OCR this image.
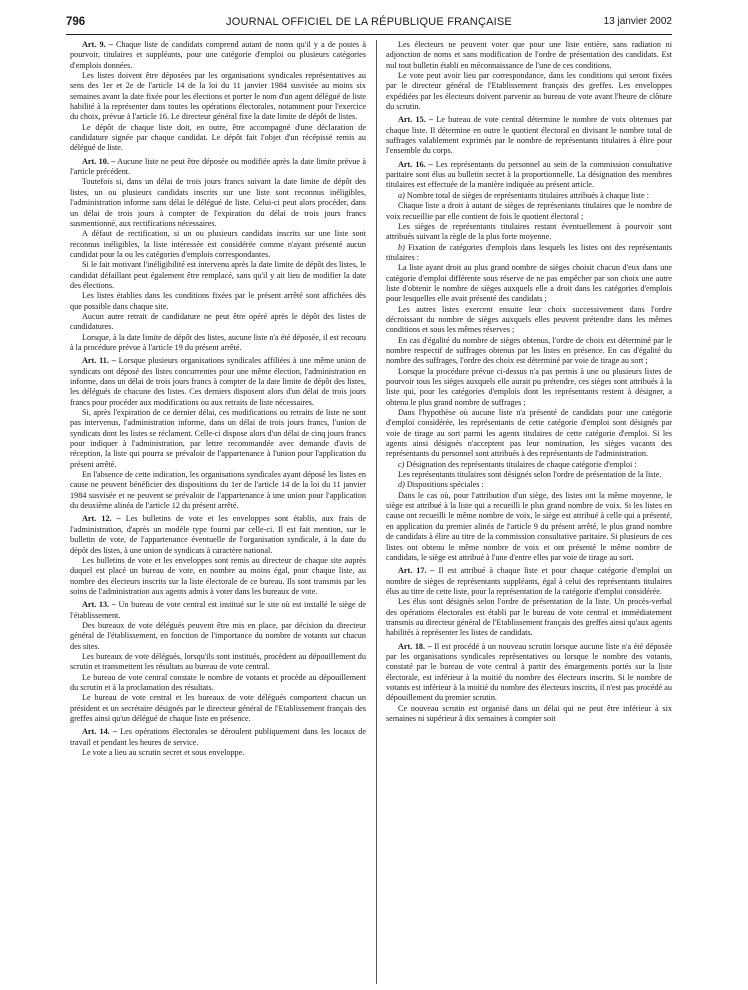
796	JOURNAL OFFICIEL DE LA RÉPUBLIQUE FRANÇAISE	13 janvier 2002

Art. 9. – Chaque liste de candidats comprend autant de noms qu'il y a de postes à pourvoir, titulaires et suppléants, pour une catégorie d'emploi ou plusieurs catégories d'emplois données.

Les listes doivent être déposées par les organisations syndicales représentatives au sens des 1er et 2e de l'article 14 de la loi du 11 janvier 1984 susvisée au moins six semaines avant la date fixée pour les élections et porter le nom d'un agent délégué de liste habilité à la représenter dans toutes les opérations électorales, notamment pour l'exercice du choix, prévue à l'article 16. Le directeur général fixe la date limite de dépôt de listes.

Le dépôt de chaque liste doit, en outre, être accompagné d'une déclaration de candidature signée par chaque candidat. Le dépôt fait l'objet d'un récépissé remis au délégué de liste.

Art. 10. – Aucune liste ne peut être déposée ou modifiée après la date limite prévue à l'article précédent.

Toutefois si, dans un délai de trois jours francs suivant la date limite de dépôt des listes, un ou plusieurs candidats inscrits sur une liste sont reconnus inéligibles, l'administration informe sans délai le délégué de liste. Celui-ci peut alors procéder, dans un délai de trois jours à compter de l'expiration du délai de trois jours francs susmentionné, aux rectifications nécessaires.

A défaut de rectification, si un ou plusieurs candidats inscrits sur une liste sont reconnus inéligibles, la liste intéressée est considérée comme n'ayant présenté aucun candidat pour la ou les catégories d'emplois correspondantes.

Si le fait motivant l'inéligibilité est intervenu après la date limite de dépôt des listes, le candidat défaillant peut également être remplacé, sans qu'il y ait lieu de modifier la date des élections.

Les listes établies dans les conditions fixées par le présent arrêté sont affichées dès que possible dans chaque site.

Aucun autre retrait de candidature ne peut être opéré après le dépôt des listes de candidatures.

Lorsque, à la date limite de dépôt des listes, aucune liste n'a été déposée, il est recouru à la procédure prévue à l'article 19 du présent arrêté.

Art. 11. – Lorsque plusieurs organisations syndicales affiliées à une même union de syndicats ont déposé des listes concurrentes pour une même élection, l'administration en informe, dans un délai de trois jours francs à compter de la date limite de dépôt des listes, les délégués de chacune des listes. Ces derniers disposent alors d'un délai de trois jours francs pour procéder aux modifications ou aux retraits de liste nécessaires.

Si, après l'expiration de ce dernier délai, ces modifications ou retraits de liste ne sont pas intervenus, l'administration informe, dans un délai de trois jours francs, l'union de syndicats dont les listes se réclament. Celle-ci dispose alors d'un délai de cinq jours francs pour indiquer à l'administration, par lettre recommandée avec demande d'avis de réception, la liste qui pourra se prévaloir de l'appartenance à l'union pour l'application du présent arrêté.

En l'absence de cette indication, les organisations syndicales ayant déposé les listes en cause ne peuvent bénéficier des dispositions du 1er de l'article 14 de la loi du 11 janvier 1984 susvisée et ne peuvent se prévaloir de l'appartenance à une union pour l'application du deuxième alinéa de l'article 12 du présent arrêté.

Art. 12. – Les bulletins de vote et les enveloppes sont établis, aux frais de l'administration, d'après un modèle type fourni par celle-ci. Il est fait mention, sur le bulletin de vote, de l'appartenance éventuelle de l'organisation syndicale, à la date du dépôt des listes, à une union de syndicats à caractère national.

Les bulletins de vote et les enveloppes sont remis au directeur de chaque site auprès duquel est placé un bureau de vote, en nombre au moins égal, pour chaque liste, au nombre des électeurs inscrits sur la liste électorale de ce bureau. Ils sont transmis par les soins de l'administration aux agents admis à voter dans les bureaux de vote.

Art. 13. – Un bureau de vote central est institué sur le site où est installé le siège de l'établissement.

Des bureaux de vote délégués peuvent être mis en place, par décision du directeur général de l'établissement, en fonction de l'importance du nombre de votants sur chacun des sites.

Les bureaux de vote délégués, lorsqu'ils sont institués, procèdent au dépouillement du scrutin et transmettent les résultats au bureau de vote central.

Le bureau de vote central constate le nombre de votants et procède au dépouillement du scrutin et à la proclamation des résultats.

Le bureau de vote central et les bureaux de vote délégués comportent chacun un président et un secrétaire désignés par le directeur général de l'Etablissement français des greffes ainsi qu'un délégué de chaque liste en présence.

Art. 14. – Les opérations électorales se déroulent publiquement dans les locaux de travail et pendant les heures de service.

Le vote a lieu au scrutin secret et sous enveloppe.

Les électeurs ne peuvent voter que pour une liste entière, sans radiation ni adjonction de noms et sans modification de l'ordre de présentation des candidats. Est nul tout bulletin établi en méconnaissance de l'une de ces conditions.

Le vote peut avoir lieu par correspondance, dans les conditions qui seront fixées par le directeur général de l'Etablissement français des greffes. Les enveloppes expédiées par les électeurs doivent parvenir au bureau de vote avant l'heure de clôture du scrutin.

Art. 15. – Le bureau de vote central détermine le nombre de voix obtenues par chaque liste. Il détermine en outre le quotient électoral en divisant le nombre total de suffrages valablement exprimés par le nombre de représentants titulaires à élire pour l'ensemble du corps.

Art. 16. – Les représentants du personnel au sein de la commission consultative paritaire sont élus au bulletin secret à la proportionnelle. La désignation des membres titulaires est effectuée de la manière indiquée au présent article.

a) Nombre total de sièges de représentants titulaires attribués à chaque liste :

Chaque liste a droit à autant de sièges de représentants titulaires que le nombre de voix recueillie par elle contient de fois le quotient électoral ;

Les sièges de représentants titulaires restant éventuellement à pourvoir sont attribués suivant la règle de la plus forte moyenne.

b) Fixation de catégories d'emplois dans lesquels les listes ont des représentants titulaires :

La liste ayant droit au plus grand nombre de sièges choisit chacun d'eux dans une catégorie d'emploi différente sous réserve de ne pas empêcher par son choix une autre liste d'obtenir le nombre de sièges auxquels elle a droit dans les catégories d'emplois pour lesquelles elle avait présenté des candidats ;

Les autres listes exercent ensuite leur choix successivement dans l'ordre décroissant du nombre de sièges auxquels elles peuvent prétendre dans les mêmes conditions et sous les mêmes réserves ;

En cas d'égalité du nombre de sièges obtenus, l'ordre de choix est déterminé par le nombre respectif de suffrages obtenus par les listes en présence. En cas d'égalité du nombre des suffrages, l'ordre des choix est déterminé par voie de tirage au sort ;

Lorsque la procédure prévue ci-dessus n'a pas permis à une ou plusieurs listes de pourvoir tous les sièges auxquels elle aurait pu prétendre, ces sièges sont attribués à la liste qui, pour les catégories d'emplois dont les représentants restent à désigner, a obtenu le plus grand nombre de suffrages ;

Dans l'hypothèse où aucune liste n'a présenté de candidats pour une catégorie d'emploi considérée, les représentants de cette catégorie d'emploi sont désignés par voie de tirage au sort parmi les agents titulaires de cette catégorie d'emploi. Si les agents ainsi désignés n'acceptent pas leur nomination, les sièges vacants des représentants du personnel sont attribués à des représentants de l'administration.

c) Désignation des représentants titulaires de chaque catégorie d'emploi :

Les représentants titulaires sont désignés selon l'ordre de présentation de la liste.

d) Dispositions spéciales :

Dans le cas où, pour l'attribution d'un siège, des listes ont la même moyenne, le siège est attribué à la liste qui a recueilli le plus grand nombre de voix. Si les listes en cause ont recueilli le même nombre de voix, le siège est attribué à celle qui a présenté, en application du premier alinéa de l'article 9 du présent arrêté, le plus grand nombre de candidats à élire au titre de la commission consultative paritaire. Si plusieurs de ces listes ont obtenu le même nombre de voix et ont présenté le même nombre de candidats, le siège est attribué à l'une d'entre elles par voie de tirage au sort.

Art. 17. – Il est attribué à chaque liste et pour chaque catégorie d'emploi un nombre de sièges de représentants suppléants, égal à celui des représentants titulaires élus au titre de cette liste, pour la représentation de la catégorie d'emploi considérée.

Les élus sont désignés selon l'ordre de présentation de la liste. Un procès-verbal des opérations électorales est établi par le bureau de vote central et immédiatement transmis au directeur général de l'Etablissement français des greffes ainsi qu'aux agents habilités à représenter les listes de candidats.

Art. 18. – Il est procédé à un nouveau scrutin lorsque aucune liste n'a été déposée par les organisations syndicales représentatives ou lorsque le nombre des votants, constaté par le bureau de vote central à partir des émargements portés sur la liste électorale, est inférieur à la moitié du nombre des électeurs inscrits. Si le nombre de votants est inférieur à la moitié du nombre des électeurs inscrits, il n'est pas procédé au dépouillement du premier scrutin.

Ce nouveau scrutin est organisé dans un délai qui ne peut être inférieur à six semaines ni supérieur à dix semaines à compter soit
